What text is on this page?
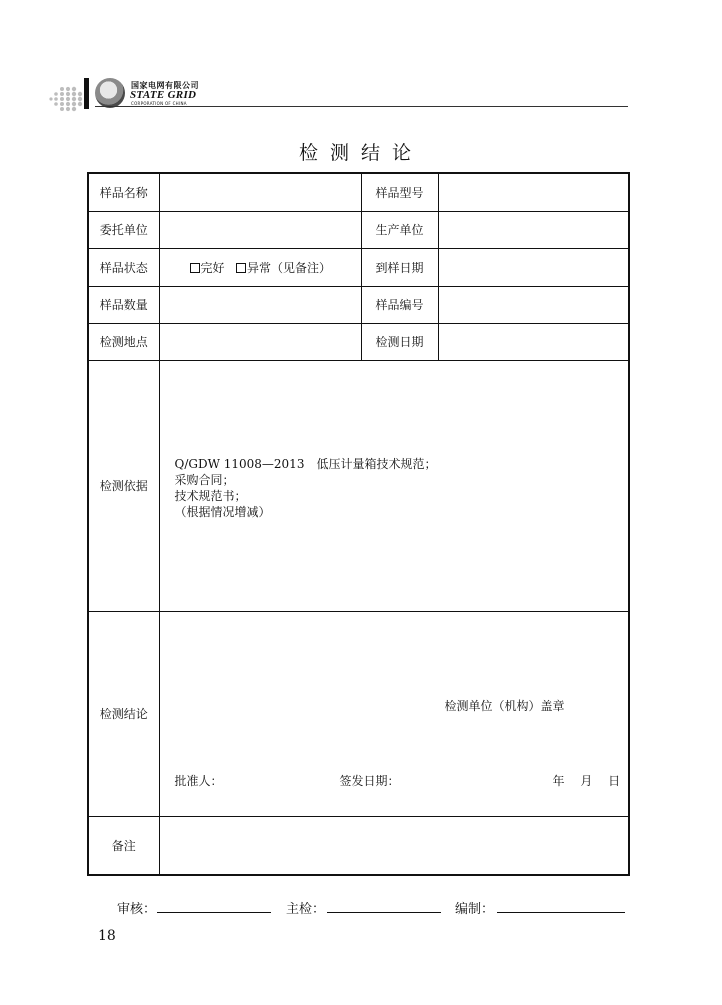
国家电网有限公司
STATE GRID
CORPORATION OF CHINA
检测结论
样品名称		样品型号	
委托单位		生产单位	
样品状态	完好 异常（见备注）	到样日期	
样品数量		样品编号	
检测地点		检测日期	
检测依据	Q/GDW 11008—2013　低压计量箱技术规范；
采购合同；
技术规范书；
（根据情况增减）		

检测结论	检测单位（机构）盖章
批准人： 签发日期： 年 月 日		

备注			
审核：	主检：	编制：
18
